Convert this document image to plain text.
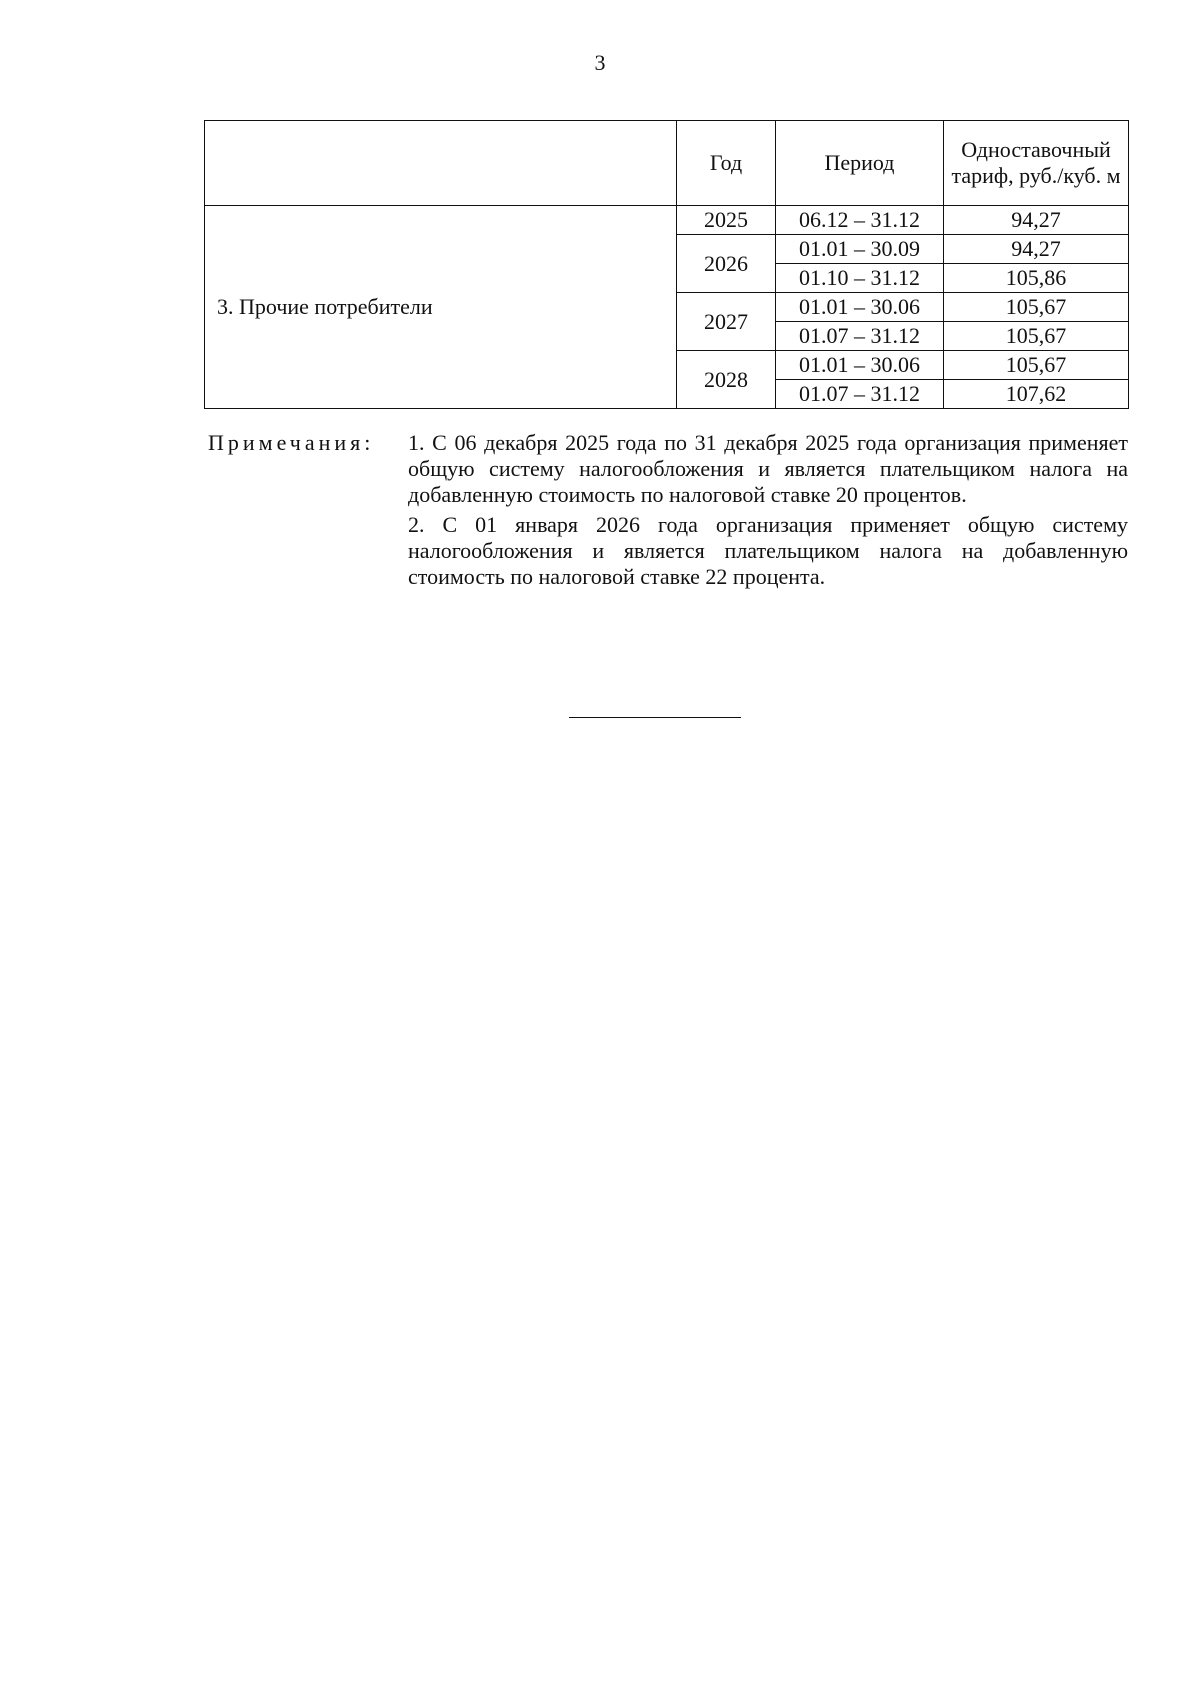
3
	Год	Период	Одноставочный тариф, руб./куб. м
3. Прочие потребители	2025	06.12 – 31.12	94,27
	2026	01.01 – 30.09	94,27
		01.10 – 31.12	105,86
	2027	01.01 – 30.06	105,67
		01.07 – 31.12	105,67
	2028	01.01 – 30.06	105,67
		01.07 – 31.12	107,62
Примечания: 1. С 06 декабря 2025 года по 31 декабря 2025 года организация применяет общую систему налогообложения и является плательщиком налога на добавленную стоимость по налоговой ставке 20 процентов.

2. С 01 января 2026 года организация применяет общую систему налогообложения и является плательщиком налога на добавленную стоимость по налоговой ставке 22 процента.
